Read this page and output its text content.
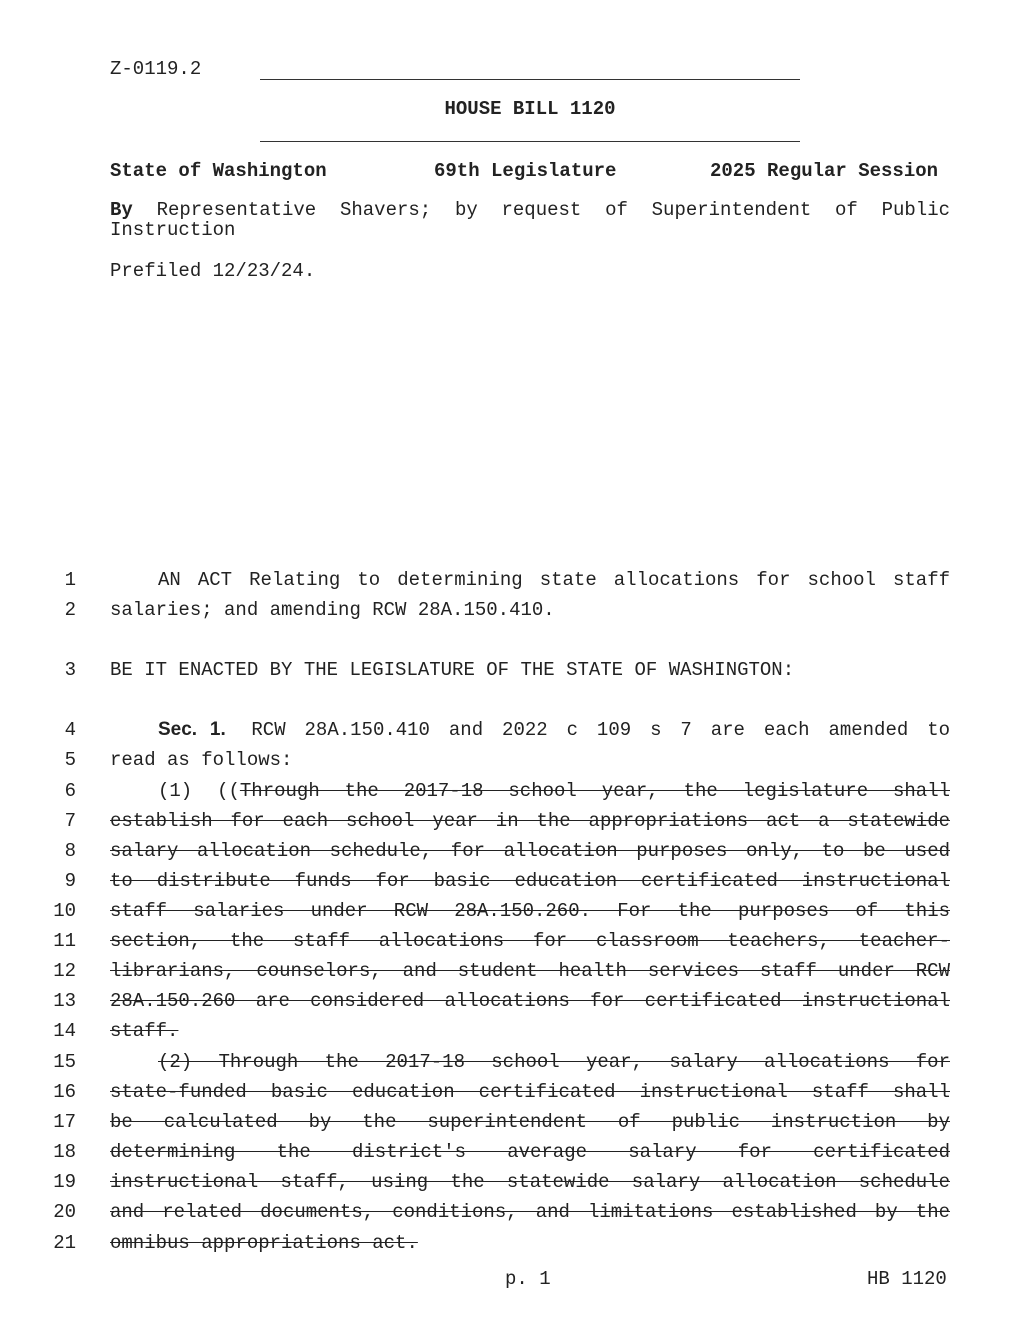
Z-0119.2
HOUSE BILL 1120
State of Washington	69th Legislature	2025 Regular Session
By Representative Shavers; by request of Superintendent of Public Instruction
Prefiled 12/23/24.
1	AN ACT Relating to determining state allocations for school staff
2 salaries; and amending RCW 28A.150.410.
3 BE IT ENACTED BY THE LEGISLATURE OF THE STATE OF WASHINGTON:
4	Sec. 1. RCW 28A.150.410 and 2022 c 109 s 7 are each amended to
5 read as follows:
6	(1) ((Through the 2017-18 school year, the legislature shall
7 establish for each school year in the appropriations act a statewide
8 salary allocation schedule, for allocation purposes only, to be used
9 to distribute funds for basic education certificated instructional
10 staff salaries under RCW 28A.150.260. For the purposes of this
11 section, the staff allocations for classroom teachers, teacher-
12 librarians, counselors, and student health services staff under RCW
13 28A.150.260 are considered allocations for certificated instructional
14 staff.
15	(2) Through the 2017-18 school year, salary allocations for
16 state-funded basic education certificated instructional staff shall
17 be calculated by the superintendent of public instruction by
18 determining the district's average salary for certificated
19 instructional staff, using the statewide salary allocation schedule
20 and related documents, conditions, and limitations established by the
21 omnibus appropriations act.
p. 1	HB 1120
